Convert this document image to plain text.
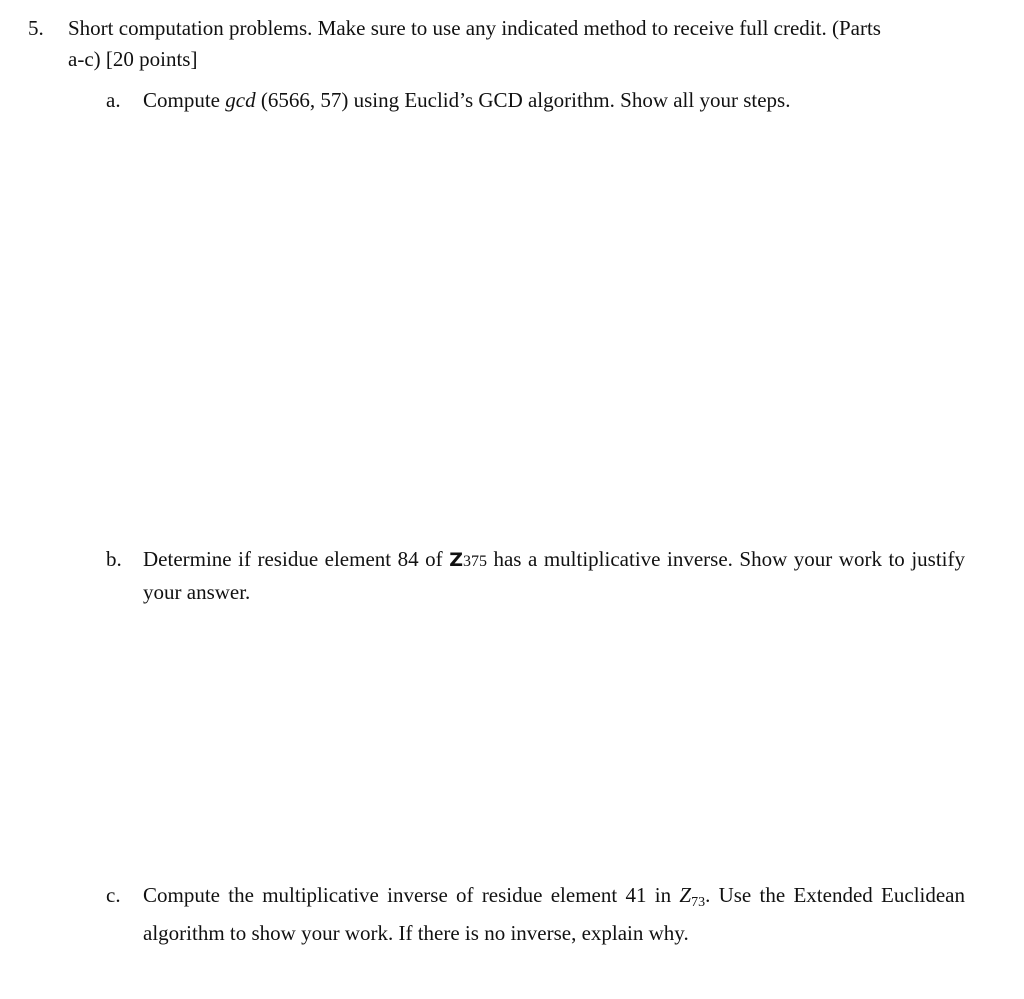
5. Short computation problems. Make sure to use any indicated method to receive full credit. (Parts
a-c) [20 points]
a. Compute gcd (6566, 57) using Euclid’s GCD algorithm. Show all your steps.
b. Determine if residue element 84 of Z375 has a multiplicative inverse. Show your work to justify your answer.
c. Compute the multiplicative inverse of residue element 41 in $Z_{73}$. Use the Extended Euclidean algorithm to show your work. If there is no inverse, explain why.
